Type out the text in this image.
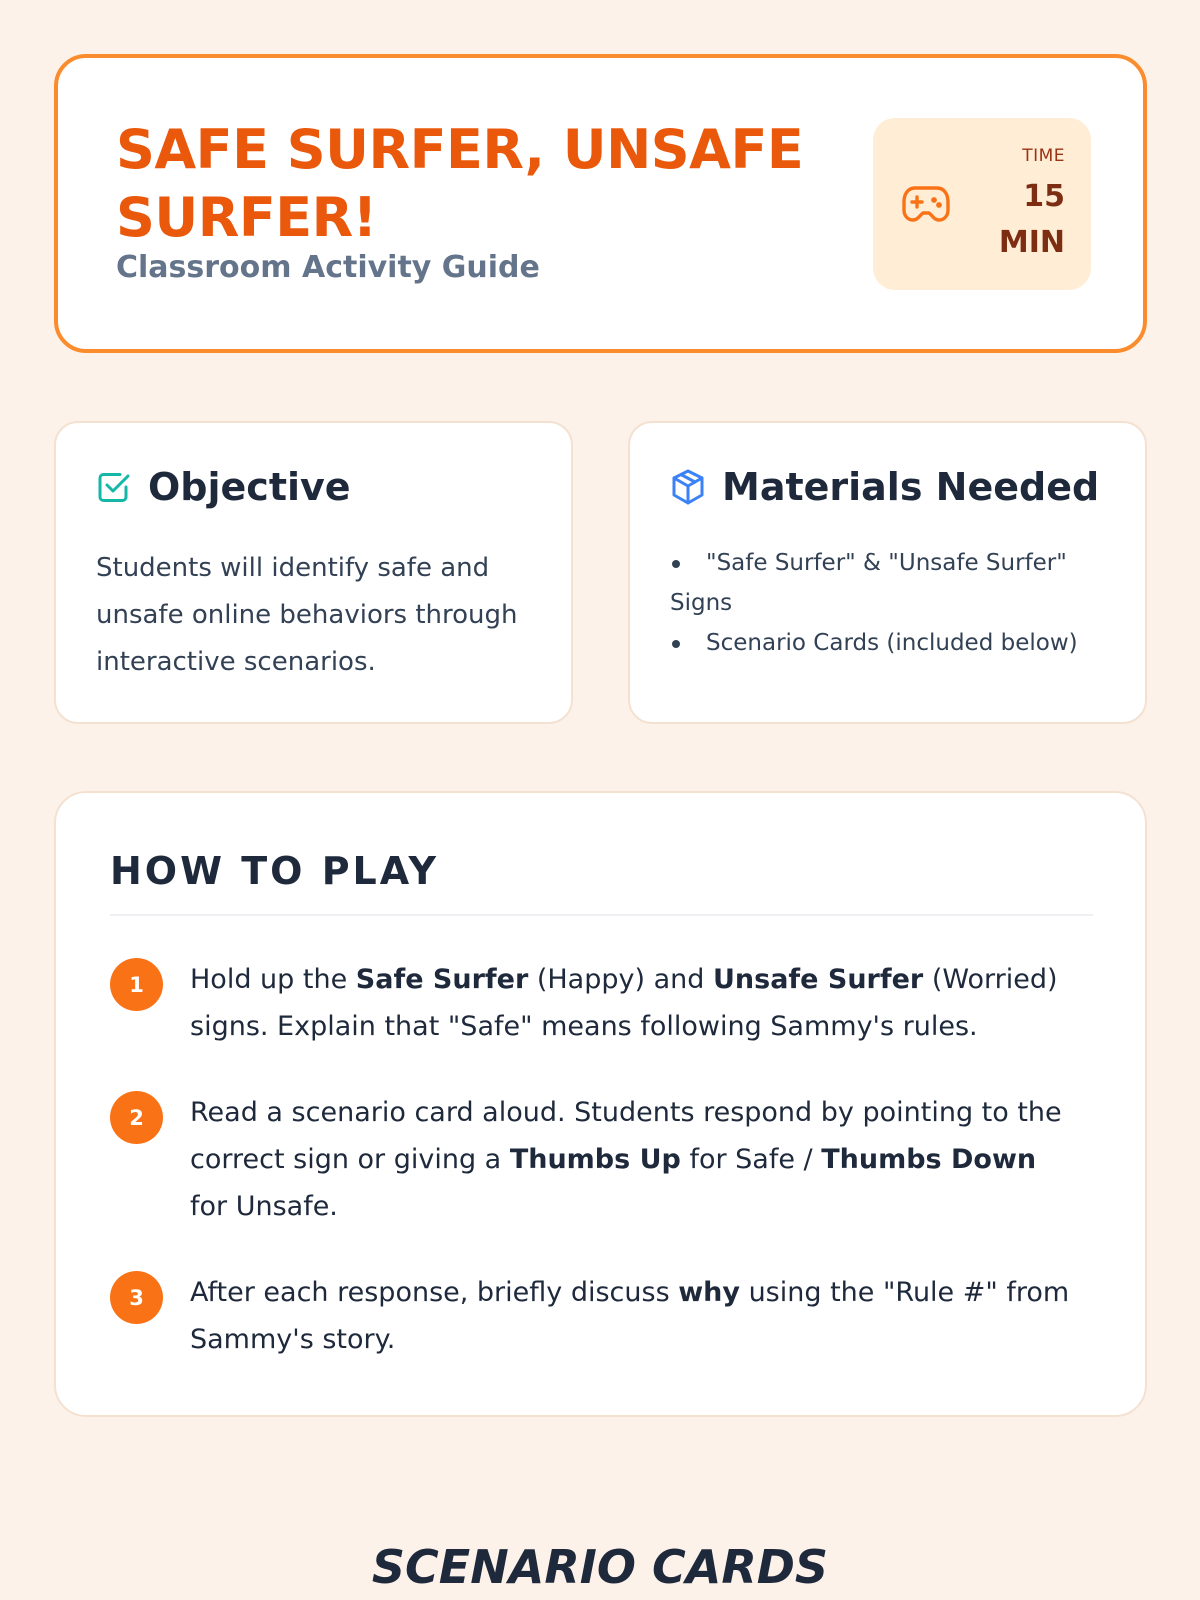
SAFE SURFER, UNSAFE SURFER!

Classroom Activity Guide

TIME
15 MIN
Objective

Students will identify safe and unsafe online behaviors through interactive scenarios.

Materials Needed
"Safe Surfer" & "Unsafe Surfer" Signs
Scenario Cards (included below)
HOW TO PLAY
1	Hold up the Safe Surfer (Happy) and Unsafe Surfer (Worried) signs. Explain that "Safe" means following Sammy's rules.

2	Read a scenario card aloud. Students respond by pointing to the correct sign or giving a Thumbs Up for Safe / Thumbs Down for Unsafe.

3	After each response, briefly discuss why using the "Rule #" from Sammy's story.

SCENARIO CARDS
